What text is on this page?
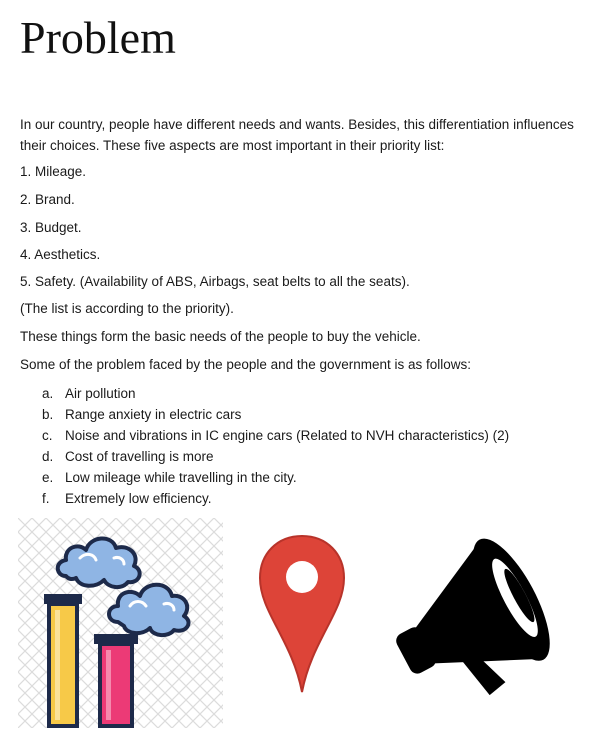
Problem

In our country, people have different needs and wants. Besides, this differentiation influences their choices. These five aspects are most important in their priority list:

1. Mileage.

2. Brand.

3. Budget.

4. Aesthetics.

5. Safety. (Availability of ABS, Airbags, seat belts to all the seats).

(The list is according to the priority).

These things form the basic needs of the people to buy the vehicle.

Some of the problem faced by the people and the government is as follows:

a. Air pollution
b. Range anxiety in electric cars
c. Noise and vibrations in IC engine cars (Related to NVH characteristics) (2)
d. Cost of travelling is more
e. Low mileage while travelling in the city.
f.	Extremely low efficiency.
